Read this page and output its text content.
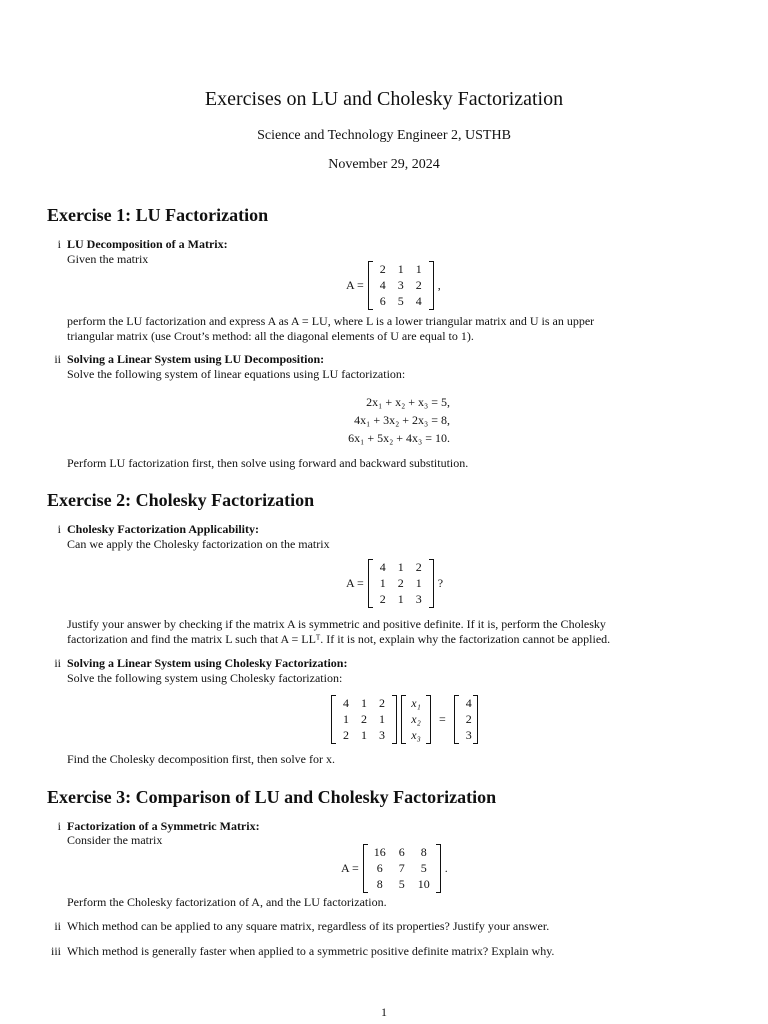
Exercises on LU and Cholesky Factorization
Science and Technology Engineer 2, USTHB
November 29, 2024
Exercise 1: LU Factorization
i LU Decomposition of a Matrix:
Given the matrix
A =
2	1	1
4	3	2
6	5	4
,
perform the LU factorization and express A as A = LU, where L is a lower triangular matrix and U is an upper
triangular matrix (use Crout’s method: all the diagonal elements of U are equal to 1).
ii Solving a Linear System using LU Decomposition:
Solve the following system of linear equations using LU factorization:
2x₁ + x₂ + x₃ = 5,
4x₁ + 3x₂ + 2x₃ = 8,
6x₁ + 5x₂ + 4x₃ = 10.
Perform LU factorization first, then solve using forward and backward substitution.
Exercise 2: Cholesky Factorization
i Cholesky Factorization Applicability:
Can we apply the Cholesky factorization on the matrix
A =
4	1	2
1	2	1
2	1	3
?
Justify your answer by checking if the matrix A is symmetric and positive definite. If it is, perform the Cholesky
factorization and find the matrix L such that A = LLᵀ. If it is not, explain why the factorization cannot be applied.
ii Solving a Linear System using Cholesky Factorization:
Solve the following system using Cholesky factorization:
4	1	2
1	2	1
2	1	3
x₁
x₂
x₃
=
4
2
3
Find the Cholesky decomposition first, then solve for x.
Exercise 3: Comparison of LU and Cholesky Factorization
i Factorization of a Symmetric Matrix:
Consider the matrix
A =
16	6	8
6	7	5
8	5	10
.
Perform the Cholesky factorization of A, and the LU factorization.
ii Which method can be applied to any square matrix, regardless of its properties? Justify your answer.
iii Which method is generally faster when applied to a symmetric positive definite matrix? Explain why.
1
